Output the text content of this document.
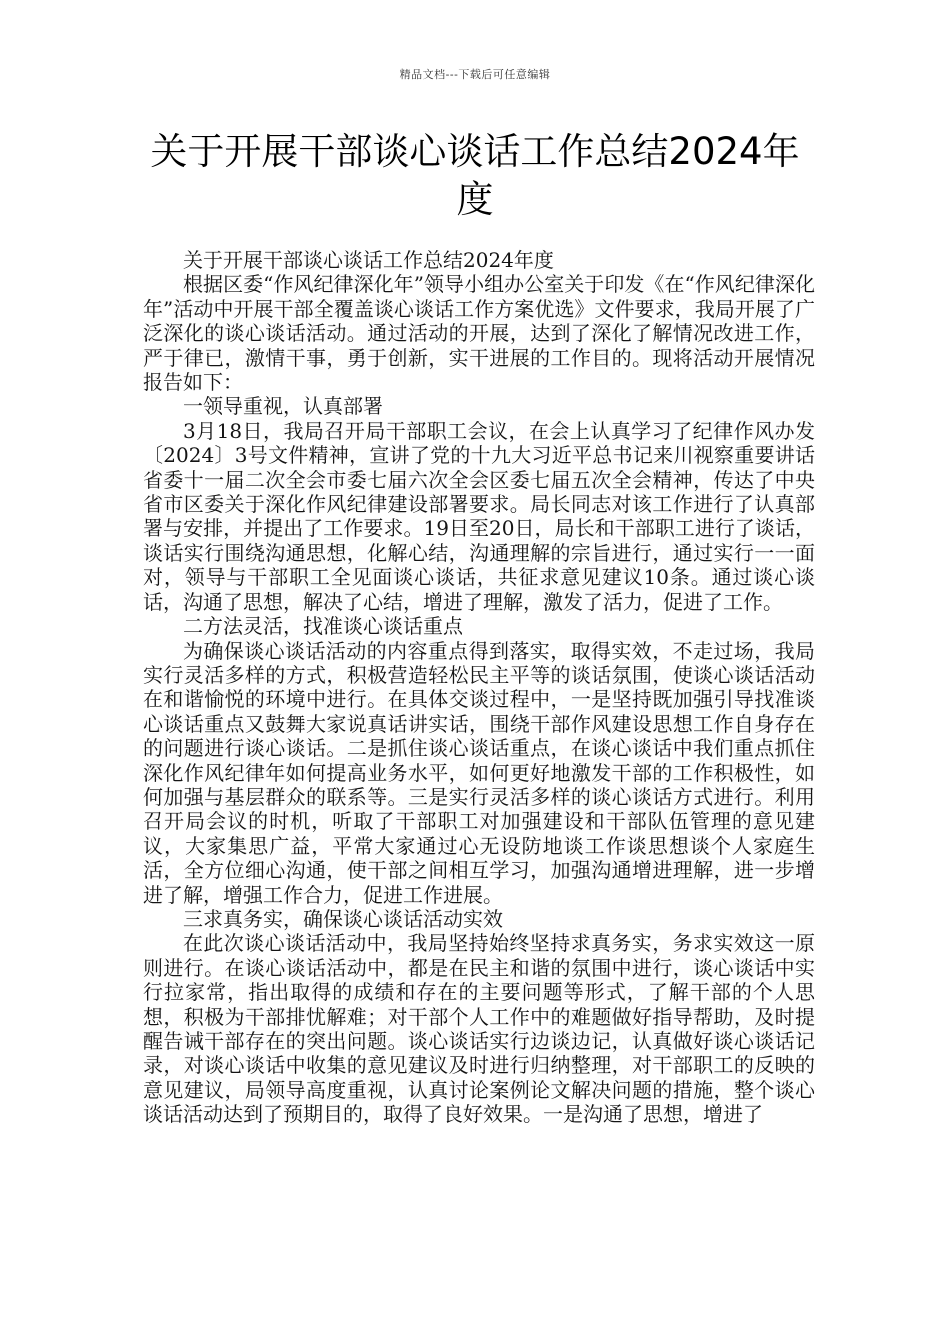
精品文档---下载后可任意编辑
关于开展干部谈心谈话工作总结2024年度

关于开展干部谈心谈话工作总结2024年度

根据区委“作风纪律深化年”领导小组办公室关于印发《在“作风纪律深化年”活动中开展干部全覆盖谈心谈话工作方案优选》文件要求，我局开展了广泛深化的谈心谈话活动。通过活动的开展，达到了深化了解情况改进工作，严于律已，激情干事，勇于创新，实干进展的工作目的。现将活动开展情况报告如下：

一领导重视，认真部署

3月18日，我局召开局干部职工会议，在会上认真学习了纪律作风办发〔2024〕3号文件精神，宣讲了党的十九大习近平总书记来川视察重要讲话省委十一届二次全会市委七届六次全会区委七届五次全会精神，传达了中央省市区委关于深化作风纪律建设部署要求。局长同志对该工作进行了认真部署与安排，并提出了工作要求。19日至20日，局长和干部职工进行了谈话，谈话实行围绕沟通思想，化解心结，沟通理解的宗旨进行，通过实行一一面对，领导与干部职工全见面谈心谈话，共征求意见建议10条。通过谈心谈话，沟通了思想，解决了心结，增进了理解，激发了活力，促进了工作。

二方法灵活，找准谈心谈话重点

为确保谈心谈话活动的内容重点得到落实，取得实效，不走过场，我局实行灵活多样的方式，积极营造轻松民主平等的谈话氛围，使谈心谈话活动在和谐愉悦的环境中进行。在具体交谈过程中，一是坚持既加强引导找准谈心谈话重点又鼓舞大家说真话讲实话，围绕干部作风建设思想工作自身存在的问题进行谈心谈话。二是抓住谈心谈话重点，在谈心谈话中我们重点抓住深化作风纪律年如何提高业务水平，如何更好地激发干部的工作积极性，如何加强与基层群众的联系等。三是实行灵活多样的谈心谈话方式进行。利用召开局会议的时机，听取了干部职工对加强建设和干部队伍管理的意见建议，大家集思广益，平常大家通过心无设防地谈工作谈思想谈个人家庭生活，全方位细心沟通，使干部之间相互学习，加强沟通增进理解，进一步增进了解，增强工作合力，促进工作进展。

三求真务实，确保谈心谈话活动实效

在此次谈心谈话活动中，我局坚持始终坚持求真务实，务求实效这一原则进行。在谈心谈话活动中，都是在民主和谐的氛围中进行，谈心谈话中实行拉家常，指出取得的成绩和存在的主要问题等形式，了解干部的个人思想，积极为干部排忧解难；对干部个人工作中的难题做好指导帮助，及时提醒告诫干部存在的突出问题。谈心谈话实行边谈边记，认真做好谈心谈话记录，对谈心谈话中收集的意见建议及时进行归纳整理，对干部职工的反映的意见建议，局领导高度重视，认真讨论案例论文解决问题的措施，整个谈心谈话活动达到了预期目的，取得了良好效果。一是沟通了思想，增进了
